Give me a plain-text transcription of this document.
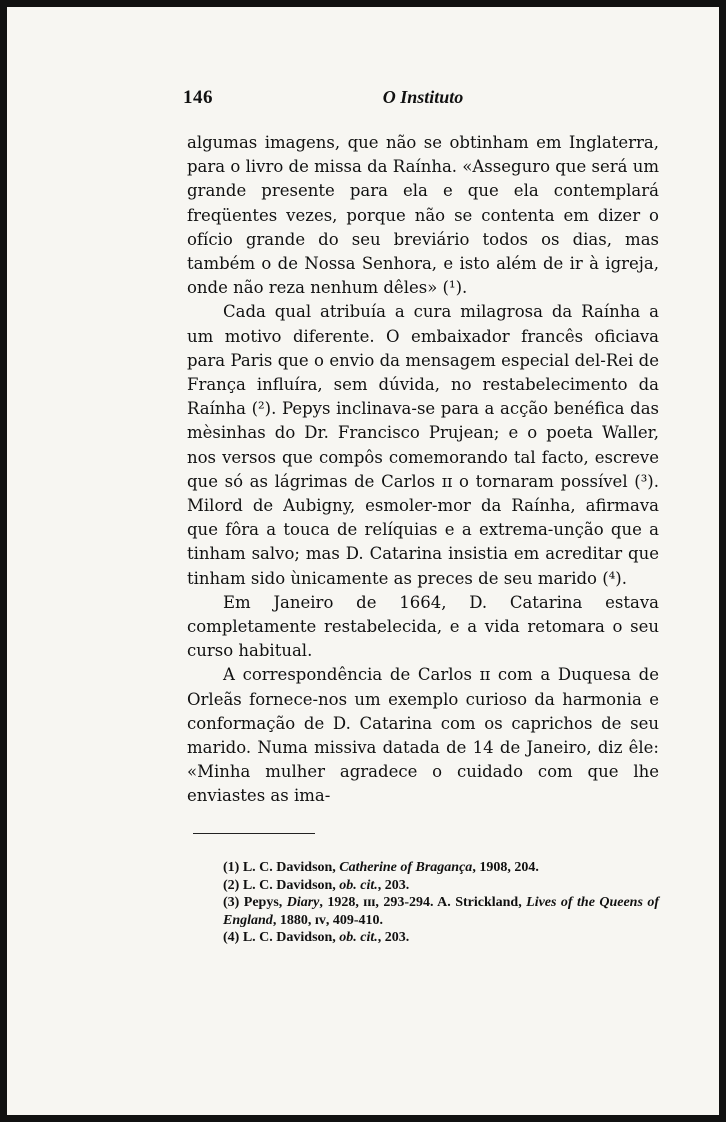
146	O Instituto

algumas imagens, que não se obtinham em Inglaterra, para o livro de missa da Raínha. «Asseguro que será um grande presente para ela e que ela contemplará freqüentes vezes, porque não se contenta em dizer o ofício grande do seu breviário todos os dias, mas também o de Nossa Senhora, e isto além de ir à igreja, onde não reza nenhum dêles» (¹).

Cada qual atribuía a cura milagrosa da Raínha a um motivo diferente. O embaixador francês oficiava para Paris que o envio da mensagem especial del-Rei de França influíra, sem dúvida, no restabelecimento da Raínha (²). Pepys inclinava-se para a acção benéfica das mèsinhas do Dr. Francisco Prujean; e o poeta Waller, nos versos que compôs comemorando tal facto, escreve que só as lágrimas de Carlos ɪɪ o tornaram possível (³). Milord de Aubigny, esmoler-mor da Raínha, afirmava que fôra a touca de relíquias e a extrema-unção que a tinham salvo; mas D. Catarina insistia em acreditar que tinham sido ùnicamente as preces de seu marido (⁴).

Em Janeiro de 1664, D. Catarina estava completamente restabelecida, e a vida retomara o seu curso habitual.

A correspondência de Carlos ɪɪ com a Duquesa de Orleãs fornece-nos um exemplo curioso da harmonia e conformação de D. Catarina com os caprichos de seu marido. Numa missiva datada de 14 de Janeiro, diz êle: «Minha mulher agradece o cuidado com que lhe enviastes as ima-

(1) L. C. Davidson, Catherine of Bragança, 1908, 204.

(2) L. C. Davidson, ob. cit., 203.

(3) Pepys, Diary, 1928, ɪɪɪ, 293-294. A. Strickland, Lives of the Queens of England, 1880, ɪᴠ, 409-410.

(4) L. C. Davidson, ob. cit., 203.
